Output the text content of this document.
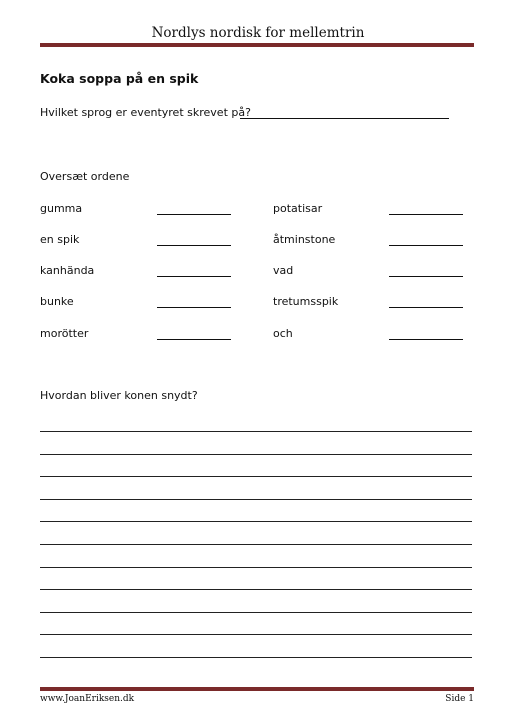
Nordlys nordisk for mellemtrin
Koka soppa på en spik
Hvilket sprog er eventyret skrevet på?
Oversæt ordene
gumma
en spik
kanhända
bunke
morötter
potatisar
åtminstone
vad
tretumsspik
och
Hvordan bliver konen snydt?
www.JoanEriksen.dk	Side 1
